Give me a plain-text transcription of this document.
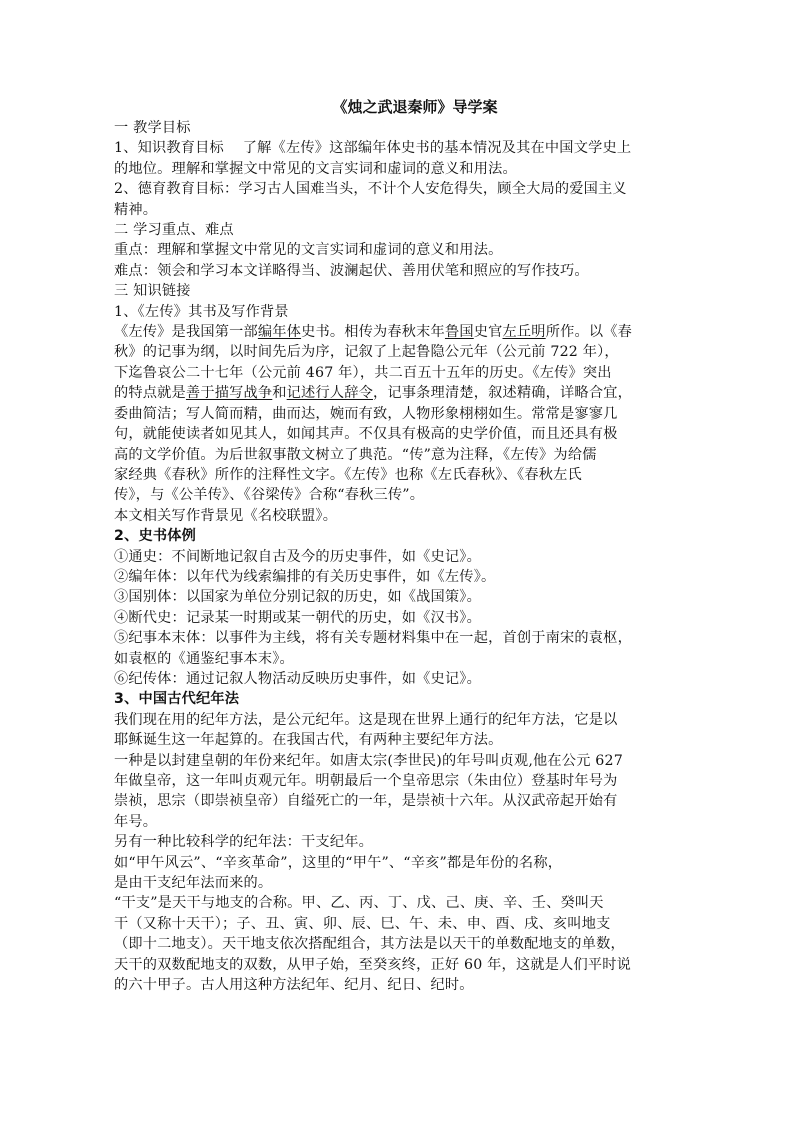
《烛之武退秦师》导学案
一 教学目标
1、知识教育目标    了解《左传》这部编年体史书的基本情况及其在中国文学史上
的地位。理解和掌握文中常见的文言实词和虚词的意义和用法。
2、德育教育目标：学习古人国难当头，不计个人安危得失，顾全大局的爱国主义
精神。
二 学习重点、难点
重点：理解和掌握文中常见的文言实词和虚词的意义和用法。
难点：领会和学习本文详略得当、波澜起伏、善用伏笔和照应的写作技巧。
三 知识链接
1、《左传》其书及写作背景
《左传》是我国第一部编年体史书。相传为春秋末年鲁国史官左丘明所作。以《春
秋》的记事为纲，以时间先后为序，记叙了上起鲁隐公元年（公元前 722 年），
下迄鲁哀公二十七年（公元前 467 年），共二百五十五年的历史。《左传》突出
的特点就是善于描写战争和记述行人辞令，记事条理清楚，叙述精确，详略合宜，
委曲简洁；写人简而精，曲而达，婉而有致，人物形象栩栩如生。常常是寥寥几
句，就能使读者如见其人，如闻其声。不仅具有极高的史学价值，而且还具有极
高的文学价值。为后世叙事散文树立了典范。“传”意为注释，《左传》为给儒
家经典《春秋》所作的注释性文字。《左传》也称《左氏春秋》、《春秋左氏
传》，与《公羊传》、《谷梁传》合称“春秋三传”。
本文相关写作背景见《名校联盟》。
2、史书体例
①通史：不间断地记叙自古及今的历史事件，如《史记》。
②编年体：以年代为线索编排的有关历史事件，如《左传》。
③国别体：以国家为单位分别记叙的历史，如《战国策》。
④断代史：记录某一时期或某一朝代的历史，如《汉书》。
⑤纪事本末体：以事件为主线，将有关专题材料集中在一起，首创于南宋的袁枢，
如袁枢的《通鉴纪事本末》。
⑥纪传体：通过记叙人物活动反映历史事件，如《史记》。
3、中国古代纪年法
我们现在用的纪年方法，是公元纪年。这是现在世界上通行的纪年方法，它是以
耶稣诞生这一年起算的。在我国古代，有两种主要纪年方法。
一种是以封建皇朝的年份来纪年。如唐太宗(李世民)的年号叫贞观,他在公元 627
年做皇帝，这一年叫贞观元年。明朝最后一个皇帝思宗（朱由位）登基时年号为
崇祯，思宗（即崇祯皇帝）自缢死亡的一年，是崇祯十六年。从汉武帝起开始有
年号。
另有一种比较科学的纪年法：干支纪年。
如“甲午风云”、“辛亥革命”，这里的“甲午”、“辛亥”都是年份的名称，
是由干支纪年法而来的。
“干支”是天干与地支的合称。甲、乙、丙、丁、戊、己、庚、辛、壬、癸叫天
干（又称十天干）；子、丑、寅、卯、辰、巳、午、未、申、酉、戌、亥叫地支
（即十二地支）。天干地支依次搭配组合，其方法是以天干的单数配地支的单数，
天干的双数配地支的双数，从甲子始，至癸亥终，正好 60 年，这就是人们平时说
的六十甲子。古人用这种方法纪年、纪月、纪日、纪时。
